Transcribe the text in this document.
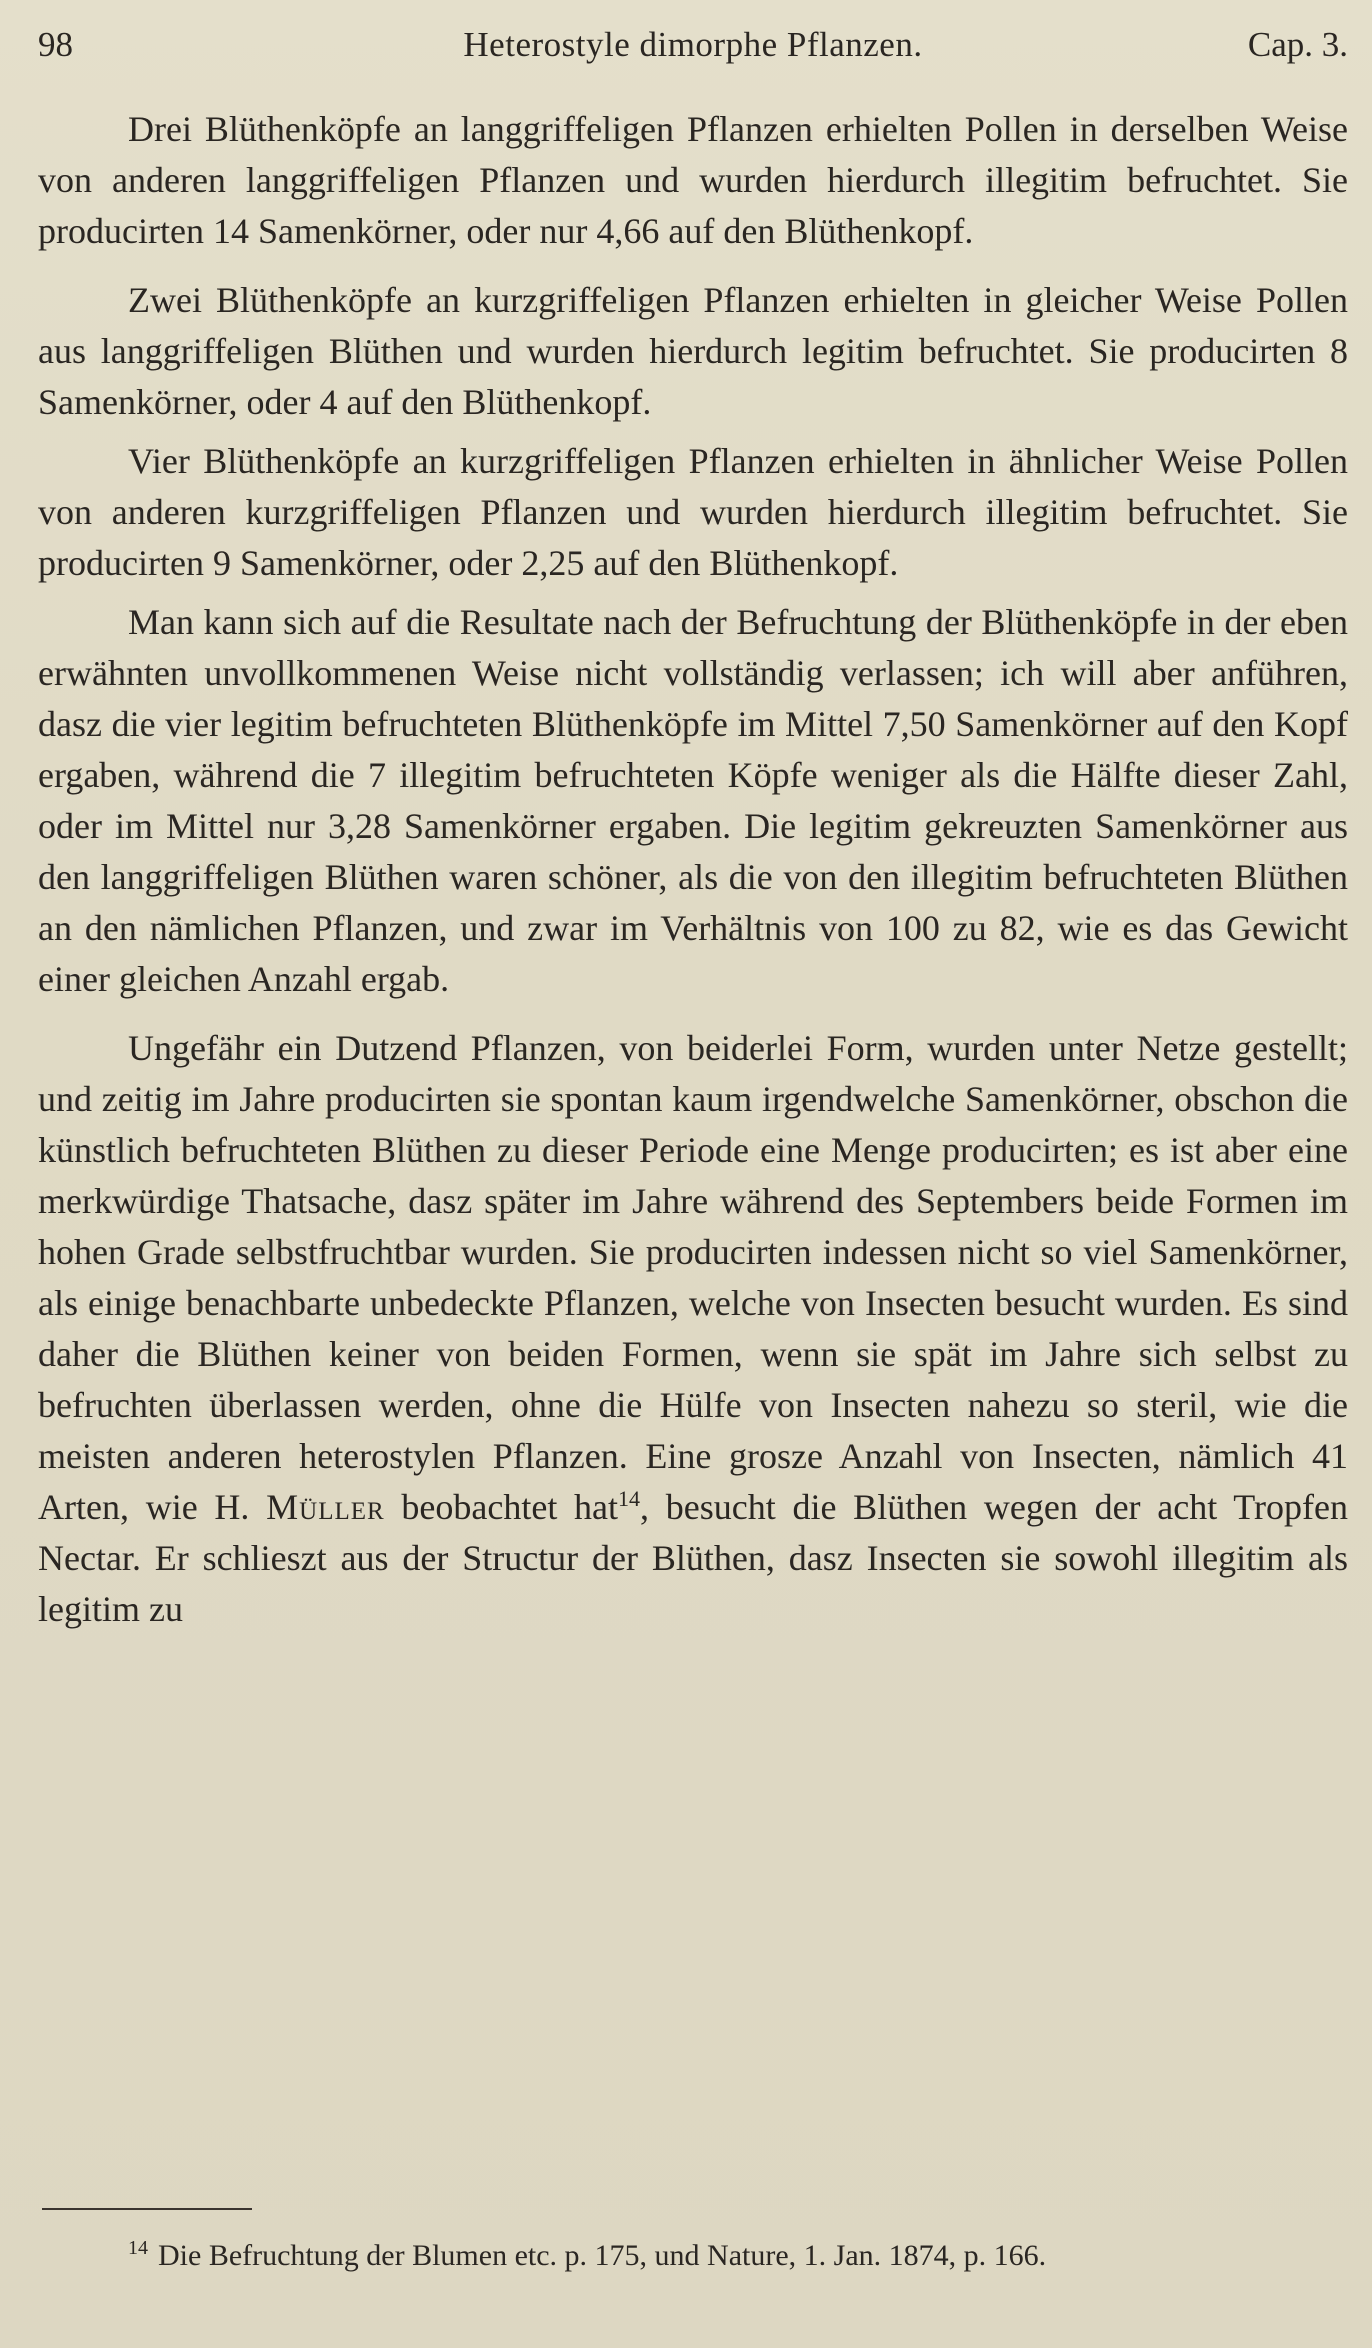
98	Heterostyle dimorphe Pflanzen.	Cap. 3.

Drei Blüthenköpfe an langgriffeligen Pflanzen erhielten Pollen in derselben Weise von anderen langgriffeligen Pflanzen und wurden hierdurch illegitim befruchtet. Sie producirten 14 Samenkörner, oder nur 4,66 auf den Blüthenkopf.

Zwei Blüthenköpfe an kurzgriffeligen Pflanzen erhielten in gleicher Weise Pollen aus langgriffeligen Blüthen und wurden hierdurch legitim befruchtet. Sie producirten 8 Samenkörner, oder 4 auf den Blüthenkopf.

Vier Blüthenköpfe an kurzgriffeligen Pflanzen erhielten in ähnlicher Weise Pollen von anderen kurzgriffeligen Pflanzen und wurden hierdurch illegitim befruchtet. Sie producirten 9 Samenkörner, oder 2,25 auf den Blüthenkopf.

Man kann sich auf die Resultate nach der Befruchtung der Blüthenköpfe in der eben erwähnten unvollkommenen Weise nicht vollständig verlassen; ich will aber anführen, dasz die vier legitim befruchteten Blüthenköpfe im Mittel 7,50 Samenkörner auf den Kopf ergaben, während die 7 illegitim befruchteten Köpfe weniger als die Hälfte dieser Zahl, oder im Mittel nur 3,28 Samenkörner ergaben. Die legitim gekreuzten Samenkörner aus den langgriffeligen Blüthen waren schöner, als die von den illegitim befruchteten Blüthen an den nämlichen Pflanzen, und zwar im Verhältnis von 100 zu 82, wie es das Gewicht einer gleichen Anzahl ergab.

Ungefähr ein Dutzend Pflanzen, von beiderlei Form, wurden unter Netze gestellt; und zeitig im Jahre producirten sie spontan kaum irgendwelche Samenkörner, obschon die künstlich befruchteten Blüthen zu dieser Periode eine Menge producirten; es ist aber eine merkwürdige Thatsache, dasz später im Jahre während des Septembers beide Formen im hohen Grade selbstfruchtbar wurden. Sie producirten indessen nicht so viel Samenkörner, als einige benachbarte unbedeckte Pflanzen, welche von Insecten besucht wurden. Es sind daher die Blüthen keiner von beiden Formen, wenn sie spät im Jahre sich selbst zu befruchten überlassen werden, ohne die Hülfe von Insecten nahezu so steril, wie die meisten anderen heterostylen Pflanzen. Eine grosze Anzahl von Insecten, nämlich 41 Arten, wie H. Müller beobachtet hat$^{14}$, besucht die Blüthen wegen der acht Tropfen Nectar. Er schlieszt aus der Structur der Blüthen, dasz Insecten sie sowohl illegitim als legitim zu

$^{14}$ Die Befruchtung der Blumen etc. p. 175, und Nature, 1. Jan. 1874, p. 166.
